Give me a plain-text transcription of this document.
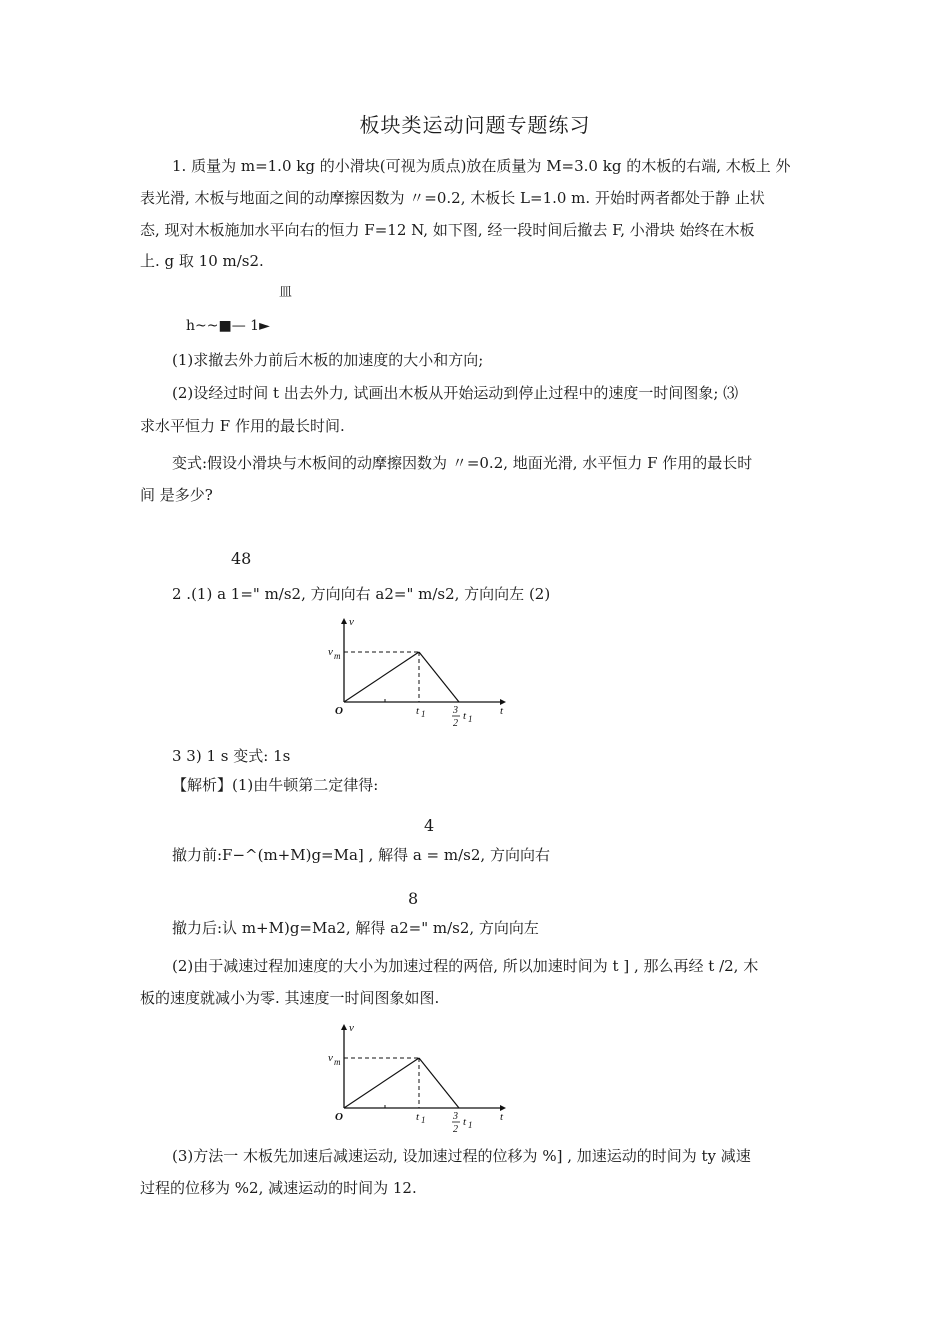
板块类运动问题专题练习
1. 质量为 m=1.0 kg 的小滑块(可视为质点)放在质量为 M=3.0 kg 的木板的右端, 木板上 外
表光滑, 木板与地面之间的动摩擦因数为 〃=0.2, 木板长 L=1.0 m. 开始时两者都处于静 止状
态, 现对木板施加水平向右的恒力 F=12 N, 如下图, 经一段时间后撤去 F, 小滑块 始终在木板
上. g 取 10 m/s2.
皿
h~~■— 1►
(1)求撤去外力前后木板的加速度的大小和方向;
(2)设经过时间 t 出去外力, 试画出木板从开始运动到停止过程中的速度一时间图象; ⑶
求水平恒力 F 作用的最长时间.
变式:假设小滑块与木板间的动摩擦因数为 〃=0.2, 地面光滑, 水平恒力 F 作用的最长时
间 是多少?
48
2 .(1) a 1=" m/s2, 方向向右 a2=" m/s2, 方向向左 (2)
v
t
v m
O	t 1	3
2
t 1
3 3) 1 s 变式: 1s
【解析】(1)由牛顿第二定律得:
4
撤力前:F−^(m+M)g=Ma] , 解得 a = m/s2, 方向向右
8
撤力后:认 m+M)g=Ma2, 解得 a2=" m/s2, 方向向左
(2)由于减速过程加速度的大小为加速过程的两倍, 所以加速时间为 t ] , 那么再经 t /2, 木
板的速度就减小为零. 其速度一时间图象如图.
v
t
v m
O	t 1	3
2
t 1
(3)方法一 木板先加速后减速运动, 设加速过程的位移为 %] , 加速运动的时间为 ty 减速
过程的位移为 %2, 减速运动的时间为 12.
